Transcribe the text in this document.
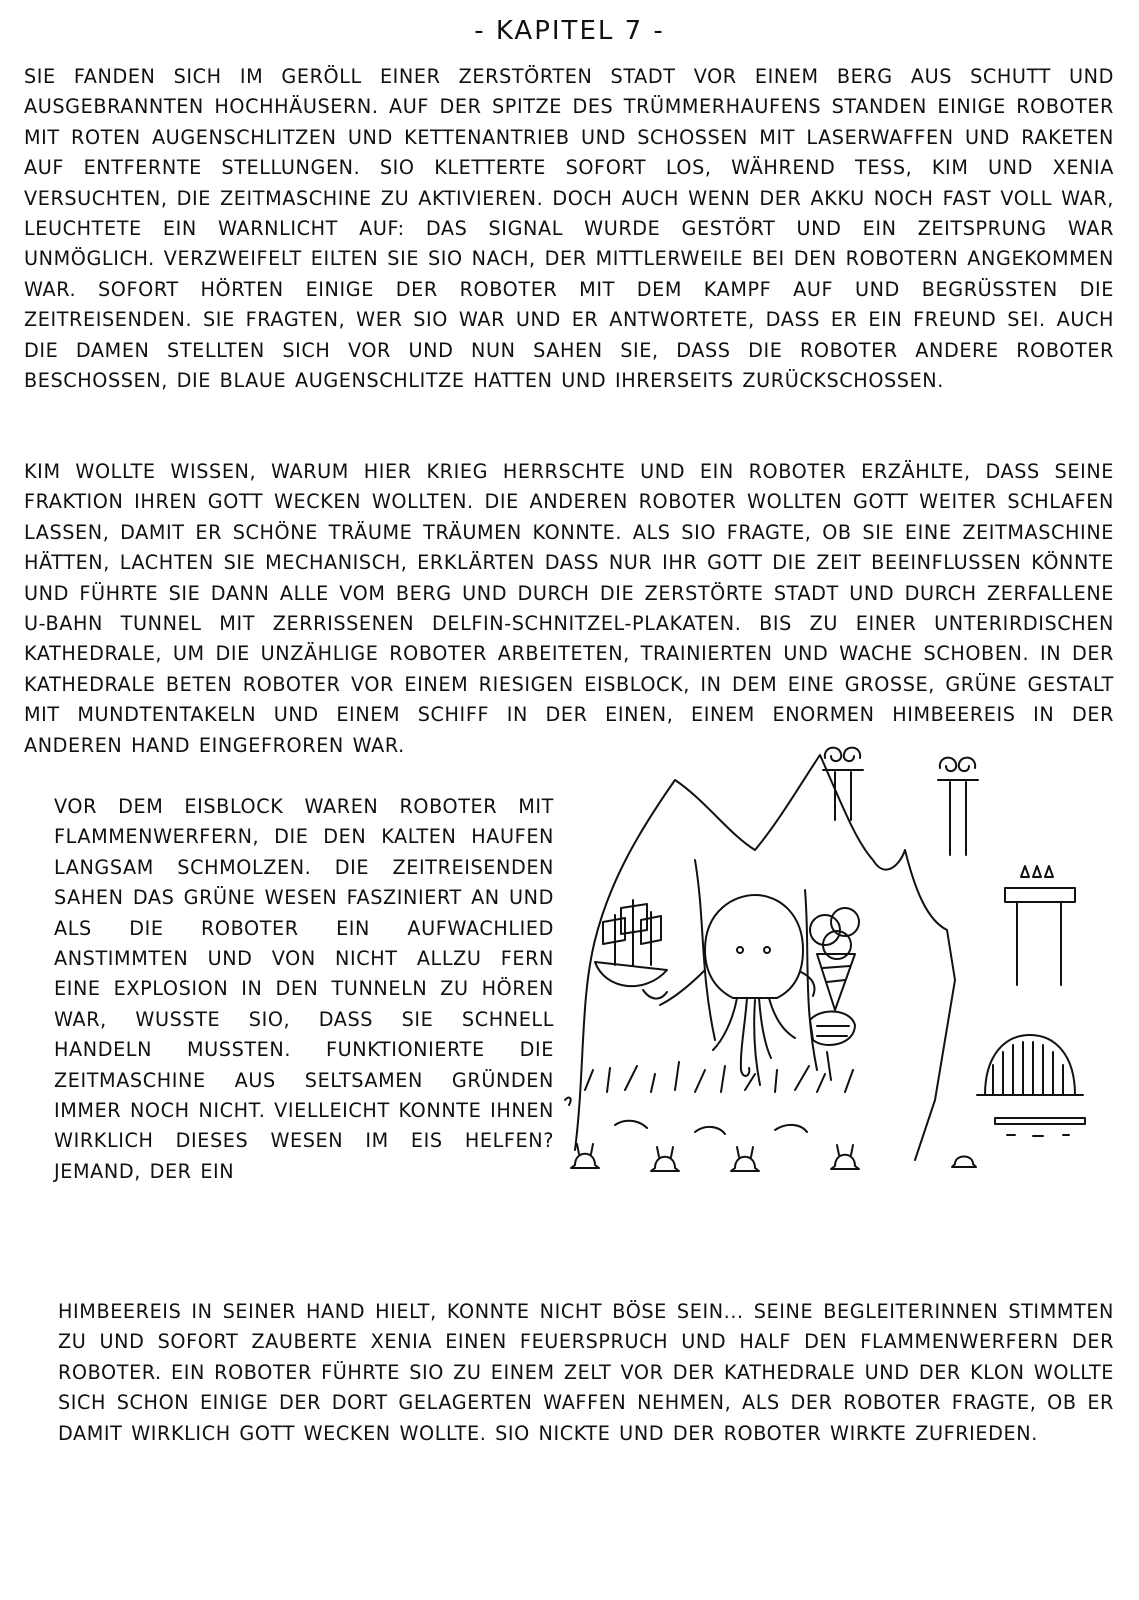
- KAPITEL 7 -

SIE FANDEN SICH IM GERÖLL EINER ZERSTÖRTEN STADT VOR EINEM BERG AUS SCHUTT UND AUSGEBRANNTEN HOCHHÄUSERN. AUF DER SPITZE DES TRÜMMERHAUFENS STANDEN EINIGE ROBOTER MIT ROTEN AUGENSCHLITZEN UND KETTENANTRIEB UND SCHOSSEN MIT LASERWAFFEN UND RAKETEN AUF ENTFERNTE STELLUNGEN. SIO KLETTERTE SOFORT LOS, WÄHREND TESS, KIM UND XENIA VERSUCHTEN, DIE ZEITMASCHINE ZU AKTIVIEREN. DOCH AUCH WENN DER AKKU NOCH FAST VOLL WAR, LEUCHTETE EIN WARNLICHT AUF: DAS SIGNAL WURDE GESTÖRT UND EIN ZEITSPRUNG WAR UNMÖGLICH. VERZWEIFELT EILTEN SIE SIO NACH, DER MITTLERWEILE BEI DEN ROBOTERN ANGEKOMMEN WAR. SOFORT HÖRTEN EINIGE DER ROBOTER MIT DEM KAMPF AUF UND BEGRÜSSTEN DIE ZEITREISENDEN. SIE FRAGTEN, WER SIO WAR UND ER ANTWORTETE, DASS ER EIN FREUND SEI. AUCH DIE DAMEN STELLTEN SICH VOR UND NUN SAHEN SIE, DASS DIE ROBOTER ANDERE ROBOTER BESCHOSSEN, DIE BLAUE AUGENSCHLITZE HATTEN UND IHRERSEITS ZURÜCKSCHOSSEN.

KIM WOLLTE WISSEN, WARUM HIER KRIEG HERRSCHTE UND EIN ROBOTER ERZÄHLTE, DASS SEINE FRAKTION IHREN GOTT WECKEN WOLLTEN. DIE ANDEREN ROBOTER WOLLTEN GOTT WEITER SCHLAFEN LASSEN, DAMIT ER SCHÖNE TRÄUME TRÄUMEN KONNTE. ALS SIO FRAGTE, OB SIE EINE ZEITMASCHINE HÄTTEN, LACHTEN SIE MECHANISCH, ERKLÄRTEN DASS NUR IHR GOTT DIE ZEIT BEEINFLUSSEN KÖNNTE UND FÜHRTE SIE DANN ALLE VOM BERG UND DURCH DIE ZERSTÖRTE STADT UND DURCH ZERFALLENE U-BAHN TUNNEL MIT ZERRISSENEN DELFIN-SCHNITZEL-PLAKATEN. BIS ZU EINER UNTERIRDISCHEN KATHEDRALE, UM DIE UNZÄHLIGE ROBOTER ARBEITETEN, TRAINIERTEN UND WACHE SCHOBEN. IN DER KATHEDRALE BETEN ROBOTER VOR EINEM RIESIGEN EISBLOCK, IN DEM EINE GROSSE, GRÜNE GESTALT MIT MUNDTENTAKELN UND EINEM SCHIFF IN DER EINEN, EINEM ENORMEN HIMBEEREIS IN DER ANDEREN HAND EINGEFROREN WAR.

VOR DEM EISBLOCK WAREN ROBOTER MIT FLAMMENWERFERN, DIE DEN KALTEN HAUFEN LANGSAM SCHMOLZEN. DIE ZEITREISENDEN SAHEN DAS GRÜNE WESEN FASZINIERT AN UND ALS DIE ROBOTER EIN AUFWACHLIED ANSTIMMTEN UND VON NICHT ALLZU FERN EINE EXPLOSION IN DEN TUNNELN ZU HÖREN WAR, WUSSTE SIO, DASS SIE SCHNELL HANDELN MUSSTEN. FUNKTIONIERTE DIE ZEITMASCHINE AUS SELTSAMEN GRÜNDEN IMMER NOCH NICHT. VIELLEICHT KONNTE IHNEN WIRKLICH DIESES WESEN IM EIS HELFEN? JEMAND, DER EIN

HIMBEEREIS IN SEINER HAND HIELT, KONNTE NICHT BÖSE SEIN... SEINE BEGLEITERINNEN STIMMTEN ZU UND SOFORT ZAUBERTE XENIA EINEN FEUERSPRUCH UND HALF DEN FLAMMENWERFERN DER ROBOTER. EIN ROBOTER FÜHRTE SIO ZU EINEM ZELT VOR DER KATHEDRALE UND DER KLON WOLLTE SICH SCHON EINIGE DER DORT GELAGERTEN WAFFEN NEHMEN, ALS DER ROBOTER FRAGTE, OB ER DAMIT WIRKLICH GOTT WECKEN WOLLTE. SIO NICKTE UND DER ROBOTER WIRKTE ZUFRIEDEN.
